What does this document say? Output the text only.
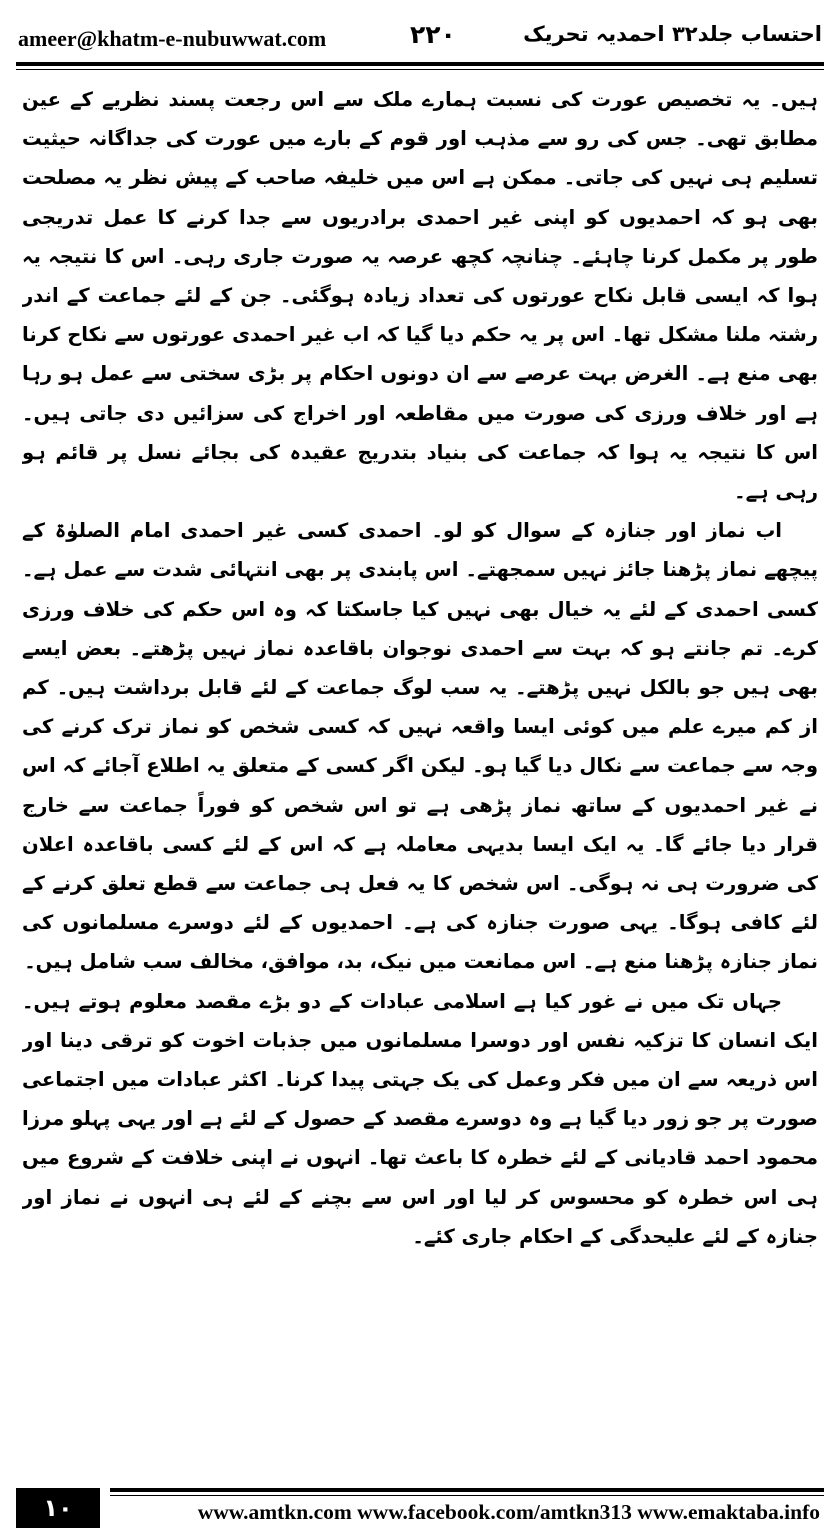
ameer@khatm-e-nubuwwat.com	۲۲۰	احتساب جلد۳۲ احمدیہ تحریک

ہیں۔ یہ تخصیص عورت کی نسبت ہمارے ملک سے اس رجعت پسند نظریے کے عین مطابق تھی۔ جس کی رو سے مذہب اور قوم کے بارے میں عورت کی جداگانہ حیثیت تسلیم ہی نہیں کی جاتی۔ ممکن ہے اس میں خلیفہ صاحب کے پیش نظر یہ مصلحت بھی ہو کہ احمدیوں کو اپنی غیر احمدی برادریوں سے جدا کرنے کا عمل تدریجی طور پر مکمل کرنا چاہئے۔ چنانچہ کچھ عرصہ یہ صورت جاری رہی۔ اس کا نتیجہ یہ ہوا کہ ایسی قابل نکاح عورتوں کی تعداد زیادہ ہوگئی۔ جن کے لئے جماعت کے اندر رشتہ ملنا مشکل تھا۔ اس پر یہ حکم دیا گیا کہ اب غیر احمدی عورتوں سے نکاح کرنا بھی منع ہے۔ الغرض بہت عرصے سے ان دونوں احکام پر بڑی سختی سے عمل ہو رہا ہے اور خلاف ورزی کی صورت میں مقاطعہ اور اخراج کی سزائیں دی جاتی ہیں۔ اس کا نتیجہ یہ ہوا کہ جماعت کی بنیاد بتدریج عقیدہ کی بجائے نسل پر قائم ہو رہی ہے۔

اب نماز اور جنازہ کے سوال کو لو۔ احمدی کسی غیر احمدی امام الصلوٰۃ کے پیچھے نماز پڑھنا جائز نہیں سمجھتے۔ اس پابندی پر بھی انتہائی شدت سے عمل ہے۔ کسی احمدی کے لئے یہ خیال بھی نہیں کیا جاسکتا کہ وہ اس حکم کی خلاف ورزی کرے۔ تم جانتے ہو کہ بہت سے احمدی نوجوان باقاعدہ نماز نہیں پڑھتے۔ بعض ایسے بھی ہیں جو بالکل نہیں پڑھتے۔ یہ سب لوگ جماعت کے لئے قابل برداشت ہیں۔ کم از کم میرے علم میں کوئی ایسا واقعہ نہیں کہ کسی شخص کو نماز ترک کرنے کی وجہ سے جماعت سے نکال دیا گیا ہو۔ لیکن اگر کسی کے متعلق یہ اطلاع آجائے کہ اس نے غیر احمدیوں کے ساتھ نماز پڑھی ہے تو اس شخص کو فوراً جماعت سے خارج قرار دیا جائے گا۔ یہ ایک ایسا بدیہی معاملہ ہے کہ اس کے لئے کسی باقاعدہ اعلان کی ضرورت ہی نہ ہوگی۔ اس شخص کا یہ فعل ہی جماعت سے قطع تعلق کرنے کے لئے کافی ہوگا۔ یہی صورت جنازہ کی ہے۔ احمدیوں کے لئے دوسرے مسلمانوں کی نماز جنازہ پڑھنا منع ہے۔ اس ممانعت میں نیک، بد، موافق، مخالف سب شامل ہیں۔

جہاں تک میں نے غور کیا ہے اسلامی عبادات کے دو بڑے مقصد معلوم ہوتے ہیں۔ ایک انسان کا تزکیہ نفس اور دوسرا مسلمانوں میں جذبات اخوت کو ترقی دینا اور اس ذریعہ سے ان میں فکر وعمل کی یک جہتی پیدا کرنا۔ اکثر عبادات میں اجتماعی صورت پر جو زور دیا گیا ہے وہ دوسرے مقصد کے حصول کے لئے ہے اور یہی پہلو مرزا محمود احمد قادیانی کے لئے خطرہ کا باعث تھا۔ انہوں نے اپنی خلافت کے شروع میں ہی اس خطرہ کو محسوس کر لیا اور اس سے بچنے کے لئے ہی انہوں نے نماز اور جنازہ کے لئے علیحدگی کے احکام جاری کئے۔

۱۰	www.amtkn.com www.facebook.com/amtkn313 www.emaktaba.info
